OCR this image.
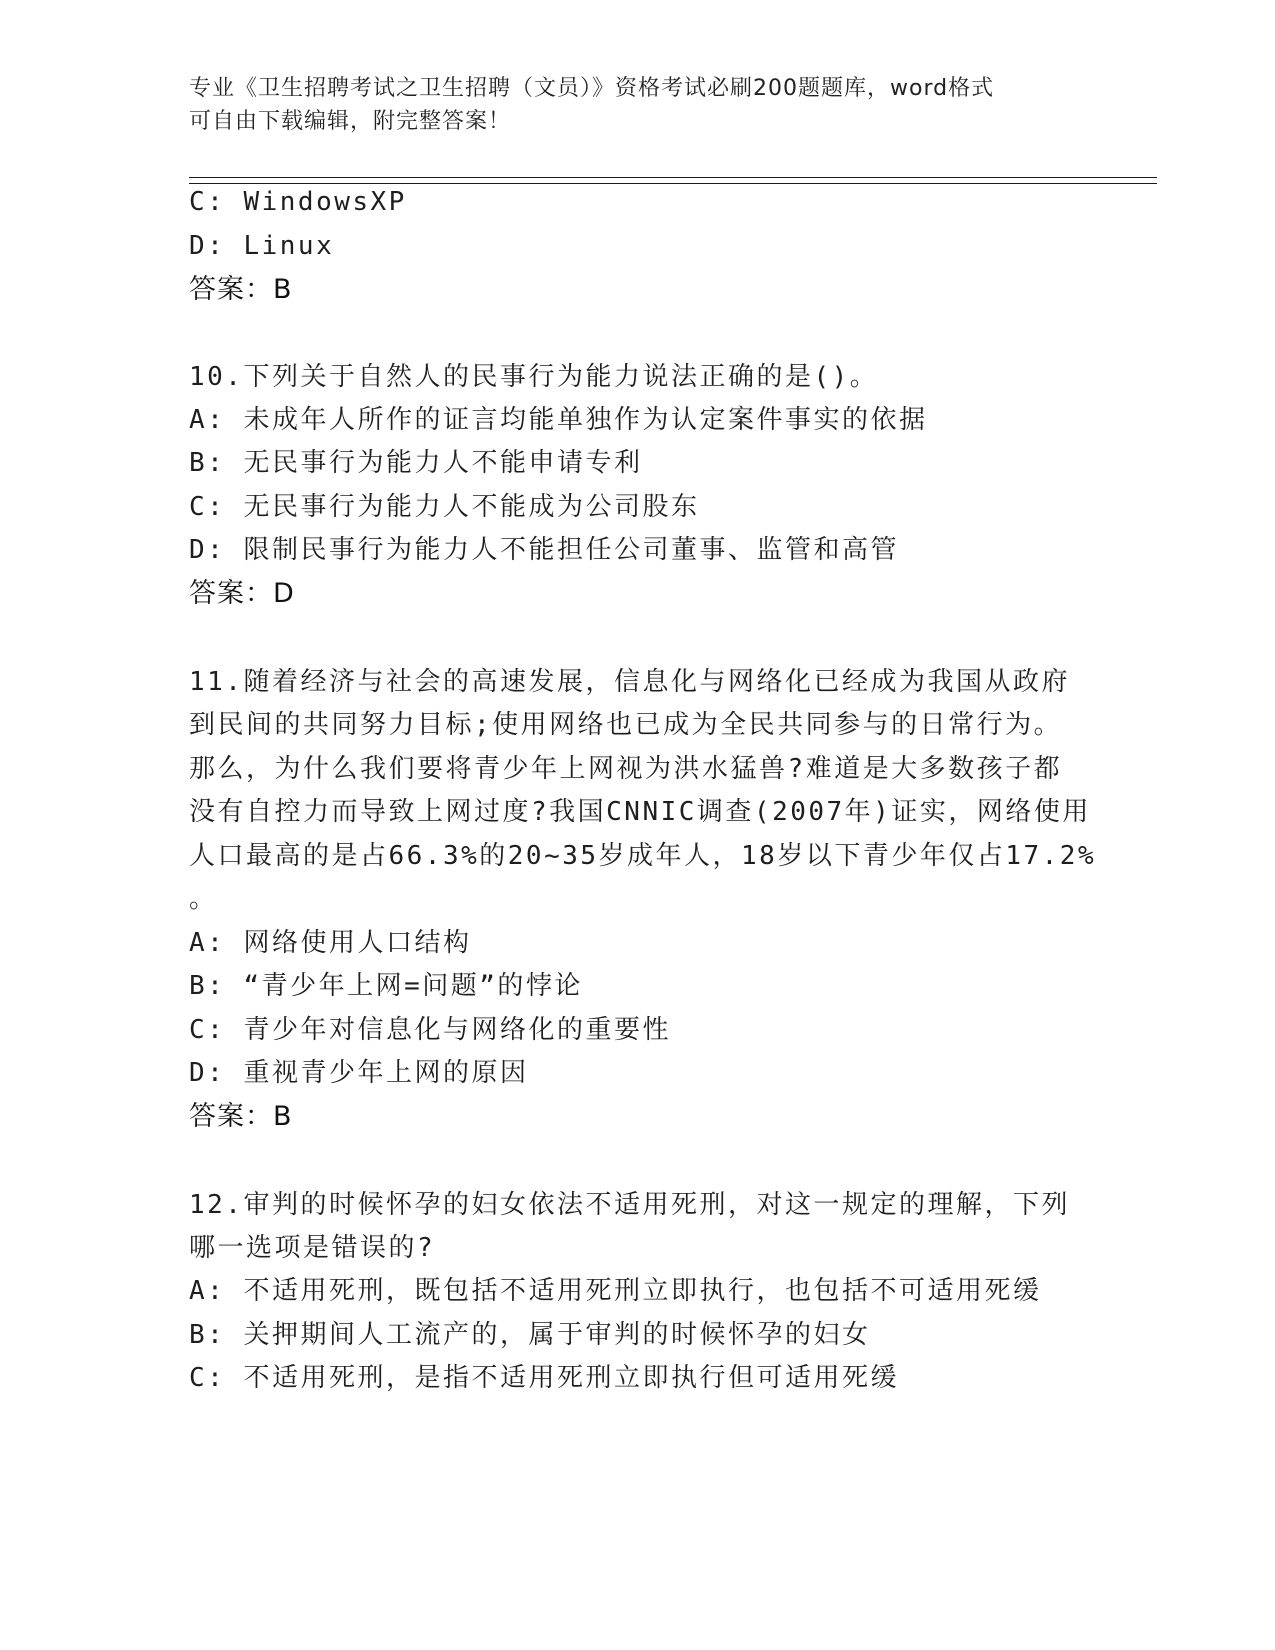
专业《卫生招聘考试之卫生招聘（文员）》资格考试必刷200题题库，word格式
可自由下载编辑，附完整答案！
C: WindowsXP
D: Linux
答案：B
10.下列关于自然人的民事行为能力说法正确的是()。
A: 未成年人所作的证言均能单独作为认定案件事实的依据
B: 无民事行为能力人不能申请专利
C: 无民事行为能力人不能成为公司股东
D: 限制民事行为能力人不能担任公司董事、监管和高管
答案：D
11.随着经济与社会的高速发展，信息化与网络化已经成为我国从政府
到民间的共同努力目标;使用网络也已成为全民共同参与的日常行为。
那么，为什么我们要将青少年上网视为洪水猛兽?难道是大多数孩子都
没有自控力而导致上网过度?我国CNNIC调查(2007年)证实，网络使用
人口最高的是占66.3%的20~35岁成年人，18岁以下青少年仅占17.2%
。
A: 网络使用人口结构
B: “青少年上网=问题”的悖论
C: 青少年对信息化与网络化的重要性
D: 重视青少年上网的原因
答案：B
12.审判的时候怀孕的妇女依法不适用死刑，对这一规定的理解，下列
哪一选项是错误的?
A: 不适用死刑，既包括不适用死刑立即执行，也包括不可适用死缓
B: 关押期间人工流产的，属于审判的时候怀孕的妇女
C: 不适用死刑，是指不适用死刑立即执行但可适用死缓
